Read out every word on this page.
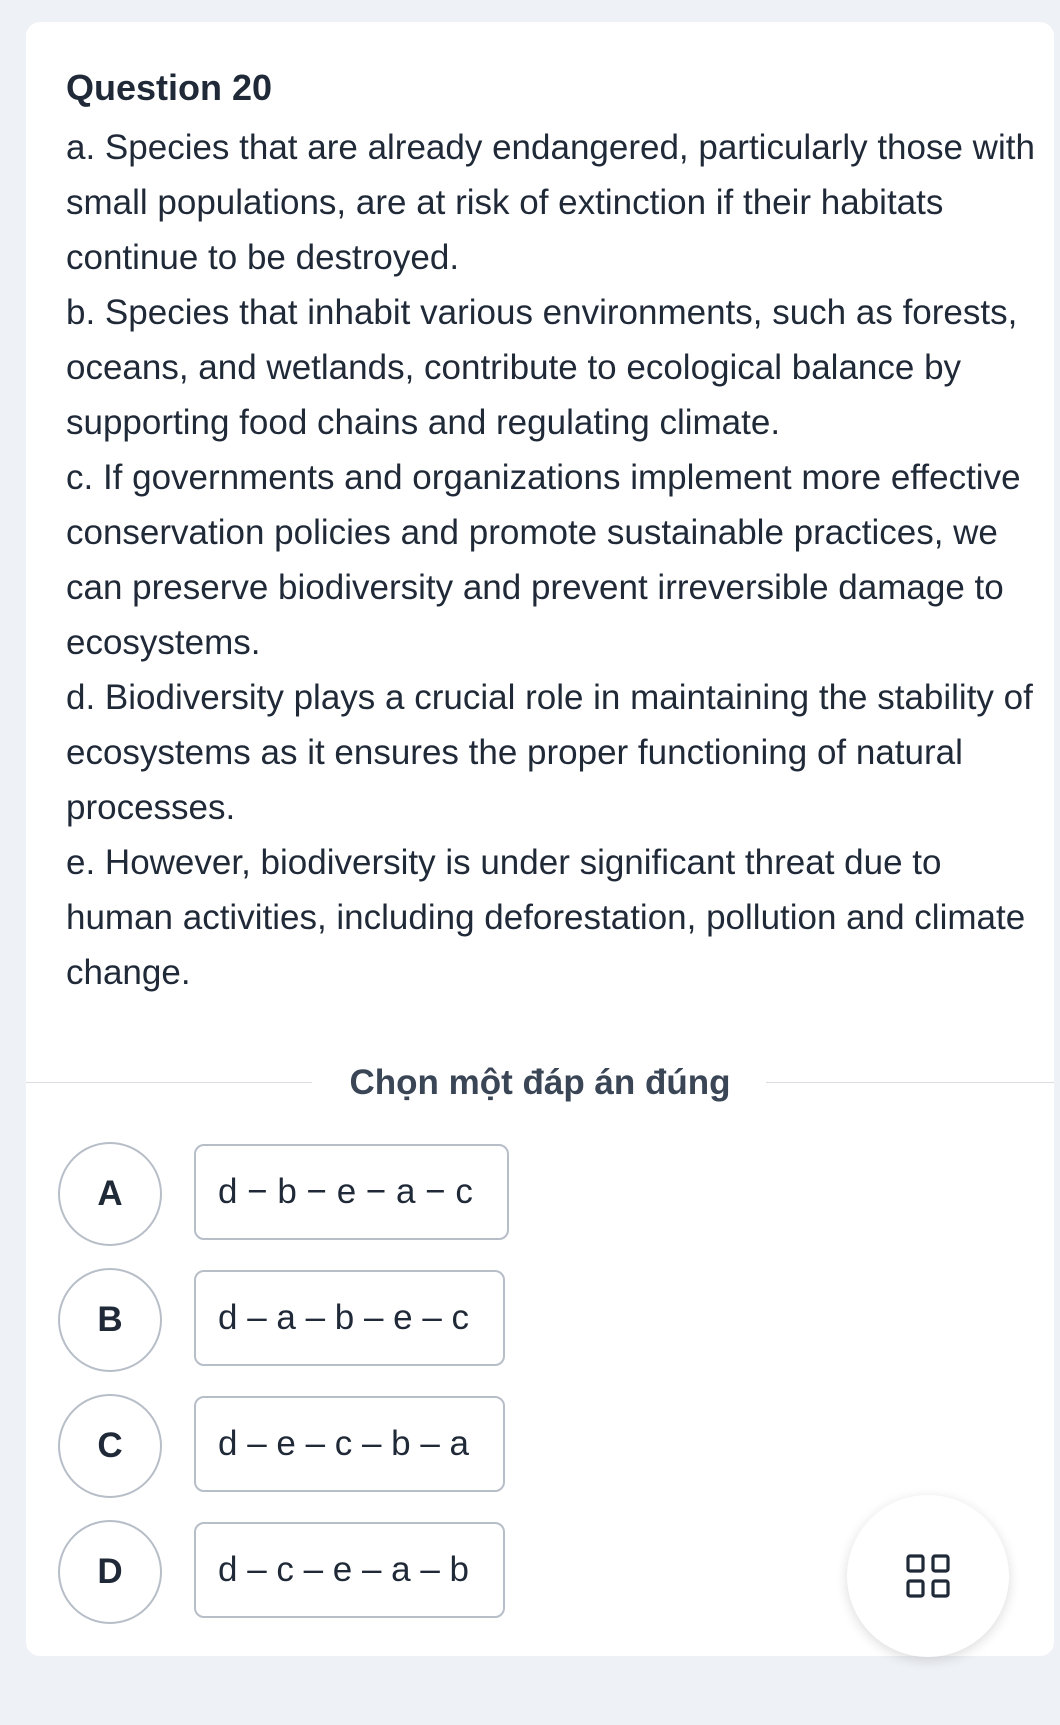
Question 20
a. Species that are already endangered, particularly those with small populations, are at risk of extinction if their habitats continue to be destroyed.
b. Species that inhabit various environments, such as forests, oceans, and wetlands, contribute to ecological balance by supporting food chains and regulating climate.
c. If governments and organizations implement more effective conservation policies and promote sustainable practices, we can preserve biodiversity and prevent irreversible damage to ecosystems.
d. Biodiversity plays a crucial role in maintaining the stability of ecosystems as it ensures the proper functioning of natural processes.
e. However, biodiversity is under significant threat due to human activities, including deforestation, pollution and climate change.
Chọn một đáp án đúng
A	d − b − e − a − c
B	d – a – b – e – c
C	d – e – c – b – a
D	d – c – e – a – b
